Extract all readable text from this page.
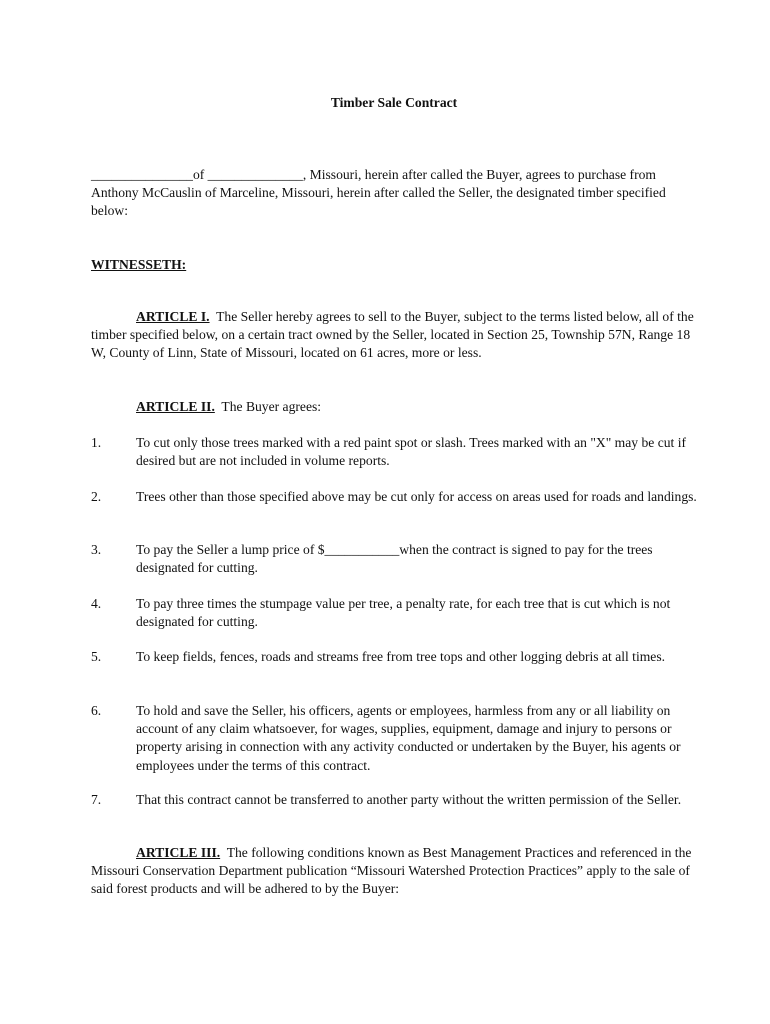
Timber Sale Contract
_______________of ______________, Missouri, herein after called the Buyer, agrees to purchase from Anthony McCauslin of Marceline, Missouri, herein after called the Seller, the designated timber specified below:
WITNESSETH:
ARTICLE I. The Seller hereby agrees to sell to the Buyer, subject to the terms listed below, all of the timber specified below, on a certain tract owned by the Seller, located in Section 25, Township 57N, Range 18 W, County of Linn, State of Missouri, located on 61 acres, more or less.
ARTICLE II. The Buyer agrees:
1.	To cut only those trees marked with a red paint spot or slash. Trees marked with an "X" may be cut if desired but are not included in volume reports.
2.	Trees other than those specified above may be cut only for access on areas used for roads and landings.
3.	To pay the Seller a lump price of $___________when the contract is signed to pay for the trees designated for cutting.
4.	To pay three times the stumpage value per tree, a penalty rate, for each tree that is cut which is not designated for cutting.
5.	To keep fields, fences, roads and streams free from tree tops and other logging debris at all times.
6.	To hold and save the Seller, his officers, agents or employees, harmless from any or all liability on account of any claim whatsoever, for wages, supplies, equipment, damage and injury to persons or property arising in connection with any activity conducted or undertaken by the Buyer, his agents or employees under the terms of this contract.
7.	That this contract cannot be transferred to another party without the written permission of the Seller.
ARTICLE III. The following conditions known as Best Management Practices and referenced in the Missouri Conservation Department publication “Missouri Watershed Protection Practices” apply to the sale of said forest products and will be adhered to by the Buyer:
